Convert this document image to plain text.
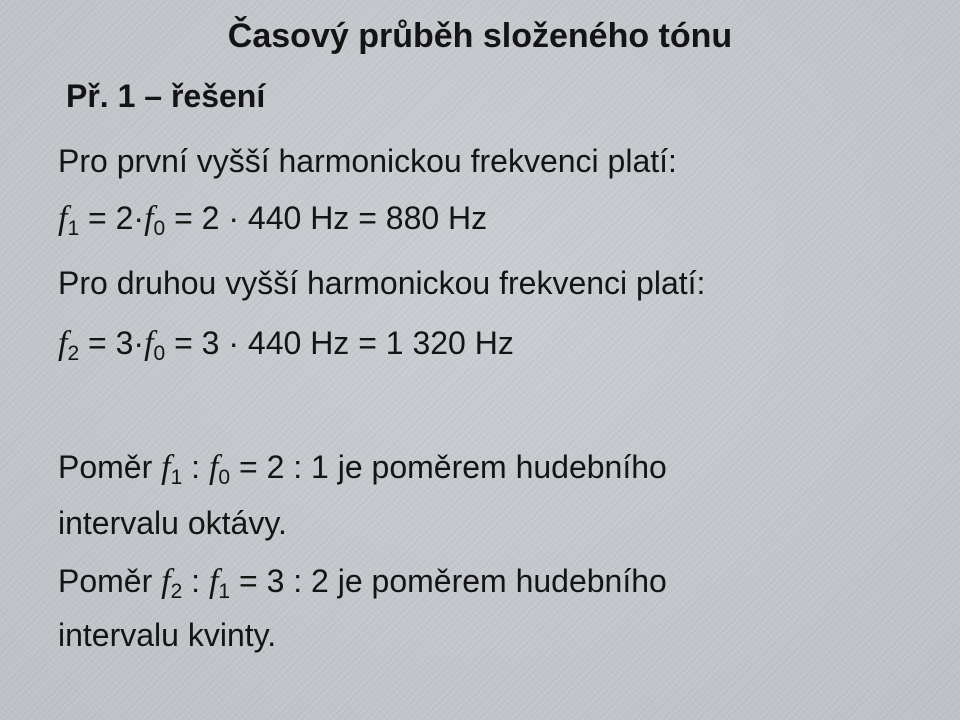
Časový průběh složeného tónu
Př. 1 – řešení
Pro první vyšší harmonickou frekvenci platí:
$f_1 = 2\cdot f_0 = 2 \cdot 440$ Hz = 880 Hz
Pro druhou vyšší harmonickou frekvenci platí:
$f_2 = 3\cdot f_0 = 3 \cdot 440$ Hz = 1 320 Hz
Poměr $f_1$ : $f_0 = 2$ : 1 je poměrem hudebního
intervalu oktávy.
Poměr $f_2$ : $f_1 = 3$ : 2 je poměrem hudebního
intervalu kvinty.
